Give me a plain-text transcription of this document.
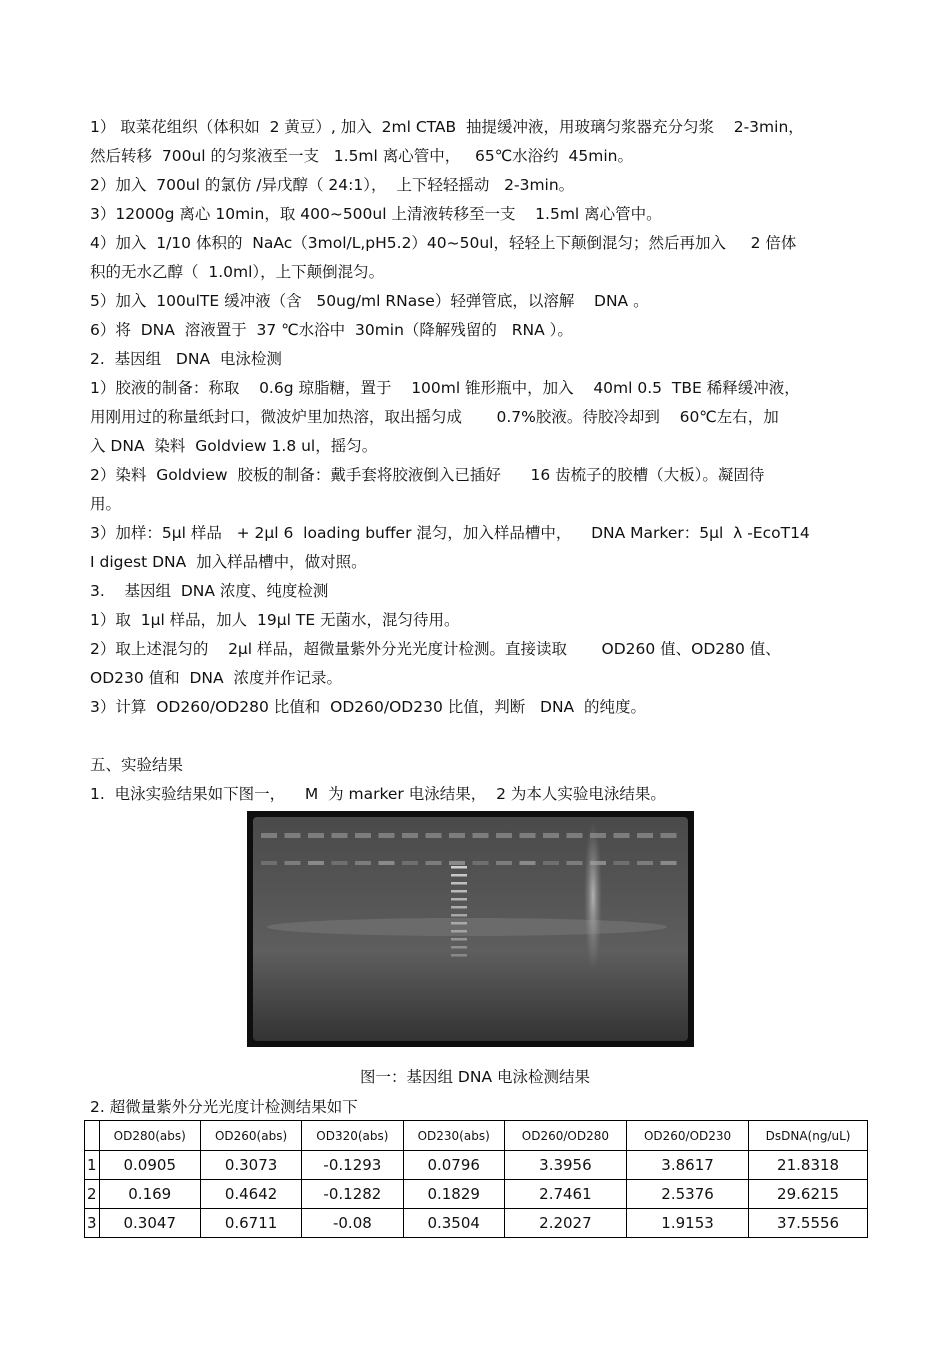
1） 取菜花组织（体积如  2 黄豆）, 加入  2ml CTAB  抽提缓冲液，用玻璃匀浆器充分匀浆    2-3min，

然后转移  700ul 的匀浆液至一支   1.5ml 离心管中，   65℃水浴约  45min。

2）加入  700ul 的氯仿 /异戊醇（ 24:1），  上下轻轻摇动   2-3min。

3）12000g 离心 10min，取 400~500ul 上清液转移至一支    1.5ml 离心管中。

4）加入  1/10 体积的  NaAc（3mol/L,pH5.2）40~50ul，轻轻上下颠倒混匀；然后再加入     2 倍体

积的无水乙醇（  1.0ml），上下颠倒混匀。

5）加入  100ulTE 缓冲液（含   50ug/ml RNase）轻弹管底，以溶解    DNA 。

6）将  DNA  溶液置于  37 ℃水浴中  30min（降解残留的   RNA ）。

2.  基因组   DNA  电泳检测

1）胶液的制备：称取    0.6g 琼脂糖，置于    100ml 锥形瓶中，加入    40ml 0.5  TBE 稀释缓冲液，

用刚用过的称量纸封口，微波炉里加热溶，取出摇匀成       0.7%胶液。待胶冷却到    60℃左右，加

入 DNA  染料  Goldview 1.8 ul，摇匀。

2）染料  Goldview  胶板的制备：戴手套将胶液倒入已插好      16 齿梳子的胶槽（大板）。凝固待

用。

3）加样：5μl 样品   + 2μl 6  loading buffer 混匀，加入样品槽中，    DNA Marker：5μl  λ -EcoT14

I digest DNA  加入样品槽中，做对照。

3.    基因组  DNA 浓度、纯度检测

1）取  1μl 样品，加人  19μl TE 无菌水，混匀待用。

2）取上述混匀的    2μl 样品，超微量紫外分光光度计检测。直接读取       OD260 值、OD280 值、

OD230 值和  DNA  浓度并作记录。

3）计算  OD260/OD280 比值和  OD260/OD230 比值，判断   DNA  的纯度。

五、实验结果

1.  电泳实验结果如下图一，    M  为 marker 电泳结果，  2 为本人实验电泳结果。

图一：基因组 DNA 电泳检测结果
2. 超微量紫外分光光度计检测结果如下
	OD280(abs)	OD260(abs)	OD320(abs)	OD230(abs)	OD260/OD280	OD260/OD230	DsDNA(ng/uL)
1	0.0905	0.3073	-0.1293	0.0796	3.3956	3.8617	21.8318
2	0.169	0.4642	-0.1282	0.1829	2.7461	2.5376	29.6215
3	0.3047	0.6711	-0.08	0.3504	2.2027	1.9153	37.5556
